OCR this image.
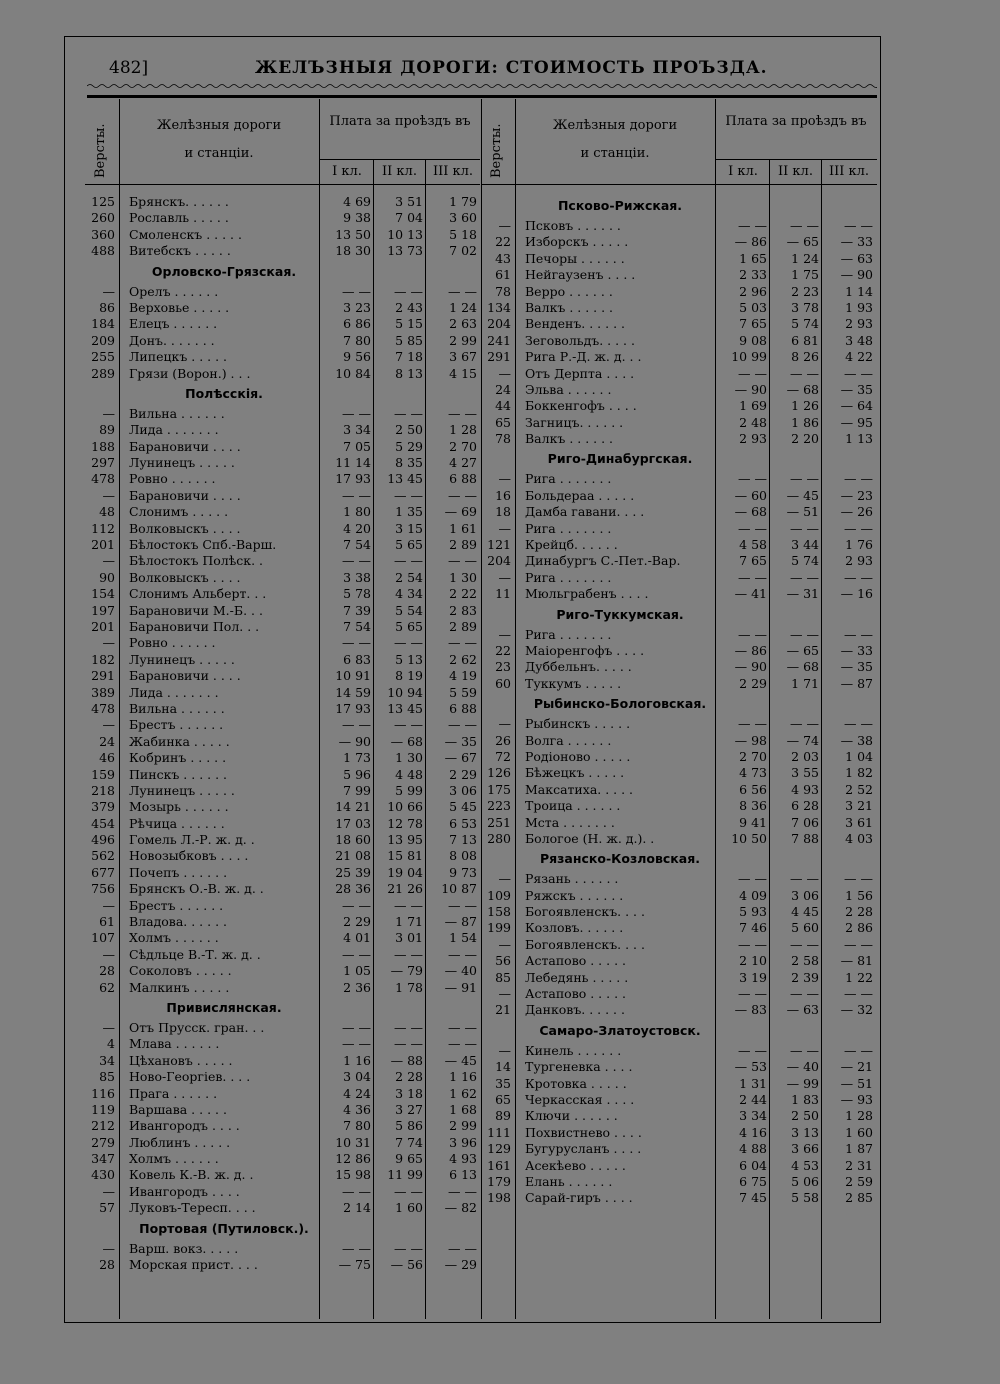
482]	ЖЕЛЪЗНЫЯ ДОРОГИ: СТОИМОСТЬ ПРОЪЗДА.
Версты.	Желѣзныя дороги
и станціи.
Плата за проѣздъ въ
I кл.	II кл.	III кл.
125 Брянскъ. . . . . .	4 69	3 51	1 79
260 Рославль . . . . .	9 38	7 04	3 60
360 Смоленскъ . . . . .	13 50	10 13	5 18
488 Витебскъ . . . . .	18 30	13 73	7 02
Орловско-Грязская.
— Орелъ . . . . . .	— —	— —	— —
86 Верховье . . . . .	3 23	2 43	1 24
184 Елецъ . . . . . .	6 86	5 15	2 63
209 Донъ. . . . . . .	7 80	5 85	2 99
255 Липецкъ . . . . .	9 56	7 18	3 67
289 Грязи (Ворон.) . . .	10 84	8 13	4 15
Полѣсскія.
— Вильна . . . . . .	— —	— —	— —
89 Лида . . . . . . .	3 34	2 50	1 28
188 Барановичи . . . .	7 05	5 29	2 70
297 Лунинецъ . . . . .	11 14	8 35	4 27
478 Ровно . . . . . .	17 93	13 45	6 88
— Барановичи . . . .	— —	— —	— —
48 Слонимъ . . . . .	1 80	1 35	— 69
112 Волковыскъ . . . .	4 20	3 15	1 61
201 Бѣлостокъ Спб.-Варш.	7 54	5 65	2 89
— Бѣлостокъ Полѣск. .	— —	— —	— —
90 Волковыскъ . . . .	3 38	2 54	1 30
154 Слонимъ Альберт. . .	5 78	4 34	2 22
197 Барановичи М.-Б. . .	7 39	5 54	2 83
201 Барановичи Пол. . .	7 54	5 65	2 89
— Ровно . . . . . .	— —	— —	— —
182 Лунинецъ . . . . .	6 83	5 13	2 62
291 Барановичи . . . .	10 91	8 19	4 19
389 Лида . . . . . . .	14 59	10 94	5 59
478 Вильна . . . . . .	17 93	13 45	6 88
— Брестъ . . . . . .	— —	— —	— —
24 Жабинка . . . . .	— 90	— 68	— 35
46 Кобринъ . . . . .	1 73	1 30	— 67
159 Пинскъ . . . . . .	5 96	4 48	2 29
218 Лунинецъ . . . . .	7 99	5 99	3 06
379 Мозырь . . . . . .	14 21	10 66	5 45
454 Рѣчица . . . . . .	17 03	12 78	6 53
496 Гомель Л.-Р. ж. д. .	18 60	13 95	7 13
562 Новозыбковъ . . . .	21 08	15 81	8 08
677 Почепъ . . . . . .	25 39	19 04	9 73
756 Брянскъ О.-В. ж. д. .	28 36	21 26	10 87
— Брестъ . . . . . .	— —	— —	— —
61 Владова. . . . . .	2 29	1 71	— 87
107 Холмъ . . . . . .	4 01	3 01	1 54
— Сѣдльце В.-Т. ж. д. .	— —	— —	— —
28 Соколовъ . . . . .	1 05	— 79	— 40
62 Малкинъ . . . . .	2 36	1 78	— 91
Привислянская.
— Отъ Прусск. гран. . .	— —	— —	— —
4 Млава . . . . . .	— —	— —	— —
34 Цѣхановъ . . . . .	1 16	— 88	— 45
85 Ново-Георгіев. . . .	3 04	2 28	1 16
116 Прага . . . . . .	4 24	3 18	1 62
119 Варшава . . . . .	4 36	3 27	1 68
212 Ивангородъ . . . .	7 80	5 86	2 99
279 Люблинъ . . . . .	10 31	7 74	3 96
347 Холмъ . . . . . .	12 86	9 65	4 93
430 Ковель К.-В. ж. д. .	15 98	11 99	6 13
— Ивангородъ . . . .	— —	— —	— —
57 Луковъ-Тересп. . . .	2 14	1 60	— 82
Портовая (Путиловск.).
— Варш. вокз. . . . .	— —	— —	— —
28 Морская прист. . . .	— 75	— 56	— 29
Версты.	Желѣзныя дороги
и станціи.
Плата за проѣздъ въ
I кл.	II кл.	III кл.
Псково-Рижская.
— Псковъ . . . . . .	— —	— —	— —
22 Изборскъ . . . . .	— 86	— 65	— 33
43 Печоры . . . . . .	1 65	1 24	— 63
61 Нейгаузенъ . . . .	2 33	1 75	— 90
78 Верро . . . . . .	2 96	2 23	1 14
134 Валкъ . . . . . .	5 03	3 78	1 93
204 Венденъ. . . . . .	7 65	5 74	2 93
241 Зеговольдъ. . . . .	9 08	6 81	3 48
291 Рига Р.-Д. ж. д. . .	10 99	8 26	4 22
— Отъ Дерпта . . . .	— —	— —	— —
24 Эльва . . . . . .	— 90	— 68	— 35
44 Боккенгофъ . . . .	1 69	1 26	— 64
65 Загницъ. . . . . .	2 48	1 86	— 95
78 Валкъ . . . . . .	2 93	2 20	1 13
Риго-Динабургская.
— Рига . . . . . . .	— —	— —	— —
16 Больдераа . . . . .	— 60	— 45	— 23
18 Дамба гавани. . . .	— 68	— 51	— 26
— Рига . . . . . . .	— —	— —	— —
121 Крейцб. . . . . .	4 58	3 44	1 76
204 Динабургъ С.-Пет.-Вар.	7 65	5 74	2 93
— Рига . . . . . . .	— —	— —	— —
11 Мюльграбенъ . . . .	— 41	— 31	— 16
Риго-Туккумская.
— Рига . . . . . . .	— —	— —	— —
22 Маіоренгофъ . . . .	— 86	— 65	— 33
23 Дуббельнъ. . . . .	— 90	— 68	— 35
60 Туккумъ . . . . .	2 29	1 71	— 87
Рыбинско-Бологовская.
— Рыбинскъ . . . . .	— —	— —	— —
26 Волга . . . . . .	— 98	— 74	— 38
72 Родіоново . . . . .	2 70	2 03	1 04
126 Бѣжецкъ . . . . .	4 73	3 55	1 82
175 Максатиха. . . . .	6 56	4 93	2 52
223 Троица . . . . . .	8 36	6 28	3 21
251 Мста . . . . . . .	9 41	7 06	3 61
280 Бологое (Н. ж. д.). .	10 50	7 88	4 03
Рязанско-Козловская.
— Рязань . . . . . .	— —	— —	— —
109 Ряжскъ . . . . . .	4 09	3 06	1 56
158 Богоявленскъ. . . .	5 93	4 45	2 28
199 Козловъ. . . . . .	7 46	5 60	2 86
— Богоявленскъ. . . .	— —	— —	— —
56 Астапово . . . . .	2 10	2 58	— 81
85 Лебедянь . . . . .	3 19	2 39	1 22
— Астапово . . . . .	— —	— —	— —
21 Данковъ. . . . . .	— 83	— 63	— 32
Самаро-Златоустовск.
— Кинель . . . . . .	— —	— —	— —
14 Тургеневка . . . .	— 53	— 40	— 21
35 Кротовка . . . . .	1 31	— 99	— 51
65 Черкасская . . . .	2 44	1 83	— 93
89 Ключи . . . . . .	3 34	2 50	1 28
111 Похвистнево . . . .	4 16	3 13	1 60
129 Бугурусланъ . . . .	4 88	3 66	1 87
161 Асекѣево . . . . .	6 04	4 53	2 31
179 Елань . . . . . .	6 75	5 06	2 59
198 Сарай-гиръ . . . .	7 45	5 58	2 85
